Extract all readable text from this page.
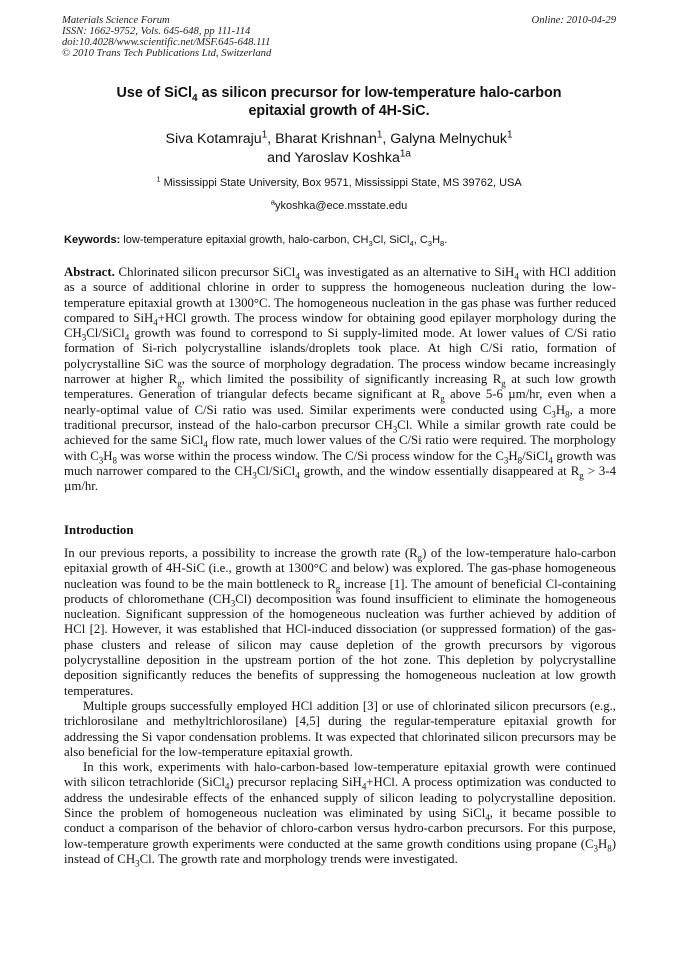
Materials Science Forum
ISSN: 1662-9752, Vols. 645-648, pp 111-114
doi:10.4028/www.scientific.net/MSF.645-648.111
© 2010 Trans Tech Publications Ltd, Switzerland
Online: 2010-04-29
Use of SiCl$_4$ as silicon precursor for low-temperature halo-carbon
epitaxial growth of 4H-SiC.
Siva Kotamraju$^1$, Bharat Krishnan$^1$, Galyna Melnychuk$^1$
and Yaroslav Koshka$^{1a}$
$^1$ Mississippi State University, Box 9571, Mississippi State, MS 39762, USA
$^a$ykoshka@ece.msstate.edu
Keywords: low-temperature epitaxial growth, halo-carbon, $CH_3Cl$, SiCl$_4$, $C_3H_8$.
Abstract. Chlorinated silicon precursor SiCl$_4$ was investigated as an alternative to SiH$_4$ with HCl addition as a source of additional chlorine in order to suppress the homogeneous nucleation during the low-temperature epitaxial growth at 1300°C. The homogeneous nucleation in the gas phase was further reduced compared to SiH$_4$+HCl growth. The process window for obtaining good epilayer morphology during the $CH_3Cl/SiCl_4$ growth was found to correspond to Si supply-limited mode. At lower values of C/Si ratio formation of Si-rich polycrystalline islands/droplets took place. At high C/Si ratio, formation of polycrystalline SiC was the source of morphology degradation. The process window became increasingly narrower at higher $R_g$, which limited the possibility of significantly increasing $R_g$ at such low growth temperatures. Generation of triangular defects became significant at $R_g$ above 5-6 µm/hr, even when a nearly-optimal value of C/Si ratio was used. Similar experiments were conducted using $C_3H_8$, a more traditional precursor, instead of the halo-carbon precursor $CH_3Cl$. While a similar growth rate could be achieved for the same SiCl$_4$ flow rate, much lower values of the C/Si ratio were required. The morphology with $C_3H_8$ was worse within the process window. The C/Si process window for the $C_3H_8/SiCl_4$ growth was much narrower compared to the $CH_3Cl/SiCl_4$ growth, and the window essentially disappeared at $R_g > 3-4$ µm/hr.
Introduction

In our previous reports, a possibility to increase the growth rate $(R_g)$ of the low-temperature halo-carbon epitaxial growth of 4H-SiC (i.e., growth at 1300°C and below) was explored. The gas-phase homogeneous nucleation was found to be the main bottleneck to $R_g$ increase [1]. The amount of beneficial Cl-containing products of chloromethane $(CH_3Cl)$ decomposition was found insufficient to eliminate the homogeneous nucleation. Significant suppression of the homogeneous nucleation was further achieved by addition of HCl [2]. However, it was established that HCl-induced dissociation (or suppressed formation) of the gas-phase clusters and release of silicon may cause depletion of the growth precursors by vigorous polycrystalline deposition in the upstream portion of the hot zone. This depletion by polycrystalline deposition significantly reduces the benefits of suppressing the homogeneous nucleation at low growth temperatures.

Multiple groups successfully employed HCl addition [3] or use of chlorinated silicon precursors (e.g., trichlorosilane and methyltrichlorosilane) [4,5] during the regular-temperature epitaxial growth for addressing the Si vapor condensation problems. It was expected that chlorinated silicon precursors may be also beneficial for the low-temperature epitaxial growth.

In this work, experiments with halo-carbon-based low-temperature epitaxial growth were continued with silicon tetrachloride (SiCl$_4$) precursor replacing SiH$_4$+HCl. A process optimization was conducted to address the undesirable effects of the enhanced supply of silicon leading to polycrystalline deposition. Since the problem of homogeneous nucleation was eliminated by using SiCl$_4$, it became possible to conduct a comparison of the behavior of chloro-carbon versus hydro-carbon precursors. For this purpose, low-temperature growth experiments were conducted at the same growth conditions using propane $(C_3H_8)$ instead of $CH_3Cl$. The growth rate and morphology trends were investigated.
